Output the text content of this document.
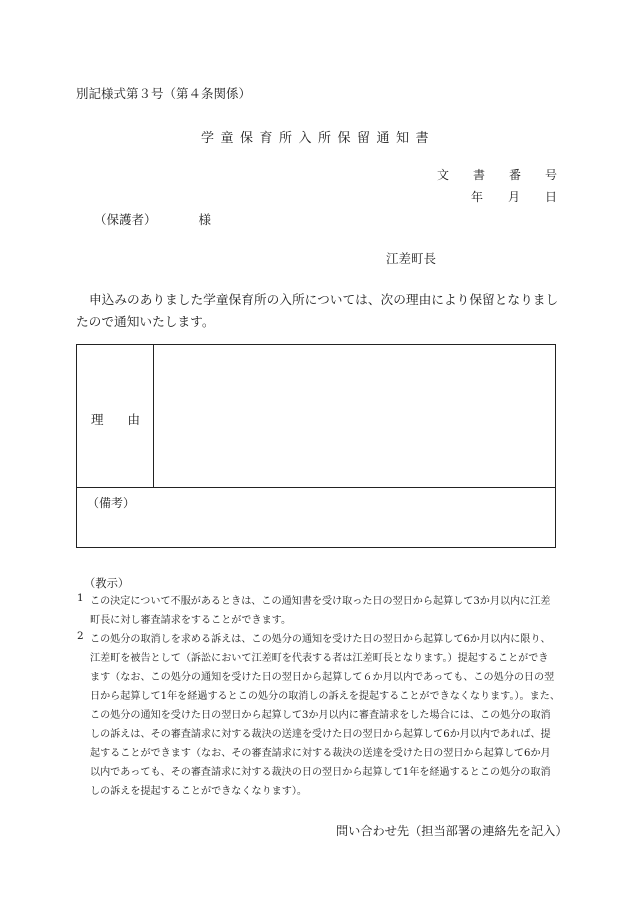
別記様式第３号（第４条関係）
学童保育所入所保留通知書
文	書	番	号
年	月	日
（保護者）	様
江差町長
申込みのありました学童保育所の入所については、次の理由により保留となりましたので通知いたします。
理 由
（備考）
（教示）
1 この決定について不服があるときは、この通知書を受け取った日の翌日から起算して3か月以内に江差
町長に対し審査請求をすることができます。
2 この処分の取消しを求める訴えは、この処分の通知を受けた日の翌日から起算して6か月以内に限り、
江差町を被告として（訴訟において江差町を代表する者は江差町長となります。）提起することができ
ます（なお、この処分の通知を受けた日の翌日から起算して６か月以内であっても、この処分の日の翌
日から起算して1年を経過するとこの処分の取消しの訴えを提起することができなくなります。）。また、
この処分の通知を受けた日の翌日から起算して3か月以内に審査請求をした場合には、この処分の取消
しの訴えは、その審査請求に対する裁決の送達を受けた日の翌日から起算して6か月以内であれば、提
起することができます（なお、その審査請求に対する裁決の送達を受けた日の翌日から起算して6か月
以内であっても、その審査請求に対する裁決の日の翌日から起算して1年を経過するとこの処分の取消
しの訴えを提起することができなくなります）。
問い合わせ先（担当部署の連絡先を記入）
